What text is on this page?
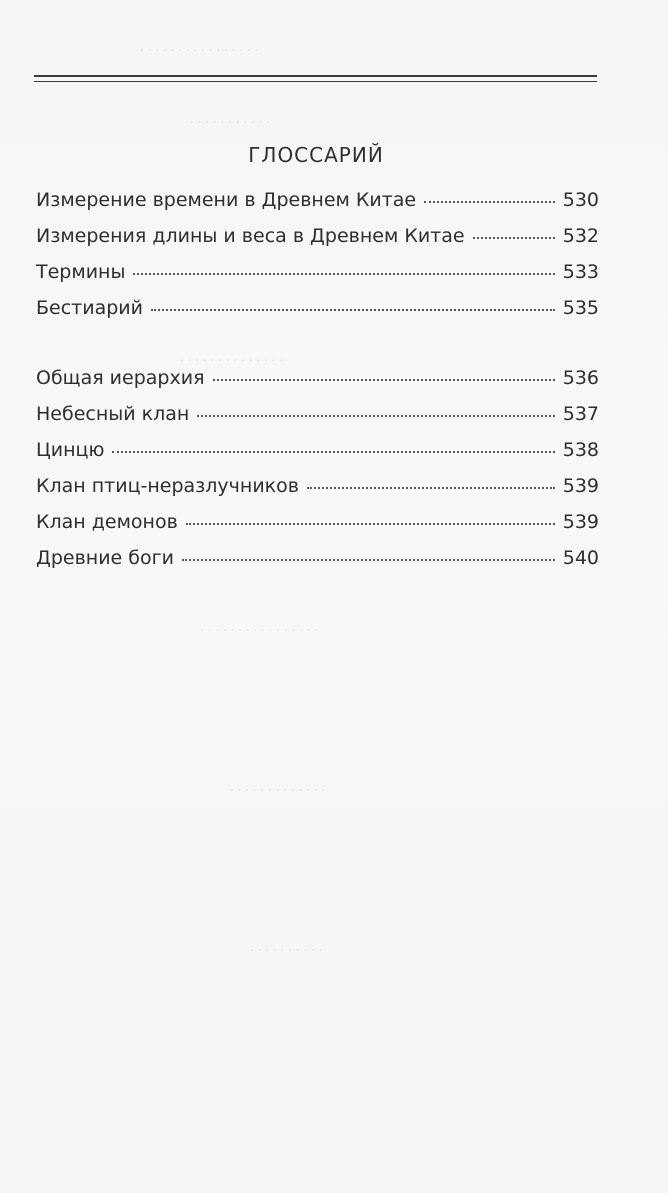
. . . . . . . . . . . . . . . .
. . . . . . . . . . .
. . . . . . . . . . . . . .
. . . . . . . . . . . . . . . .
. . . . . . . . . . . . .
. . . . . . . . . .
ГЛОССАРИЙ
Измерение времени в Древнем Китае	530
Измерения длины и веса в Древнем Китае	532
Термины	533
Бестиарий	535
Общая иерархия	536
Небесный клан	537
Цинцю	538
Клан птиц-неразлучников	539
Клан демонов	539
Древние боги	540
